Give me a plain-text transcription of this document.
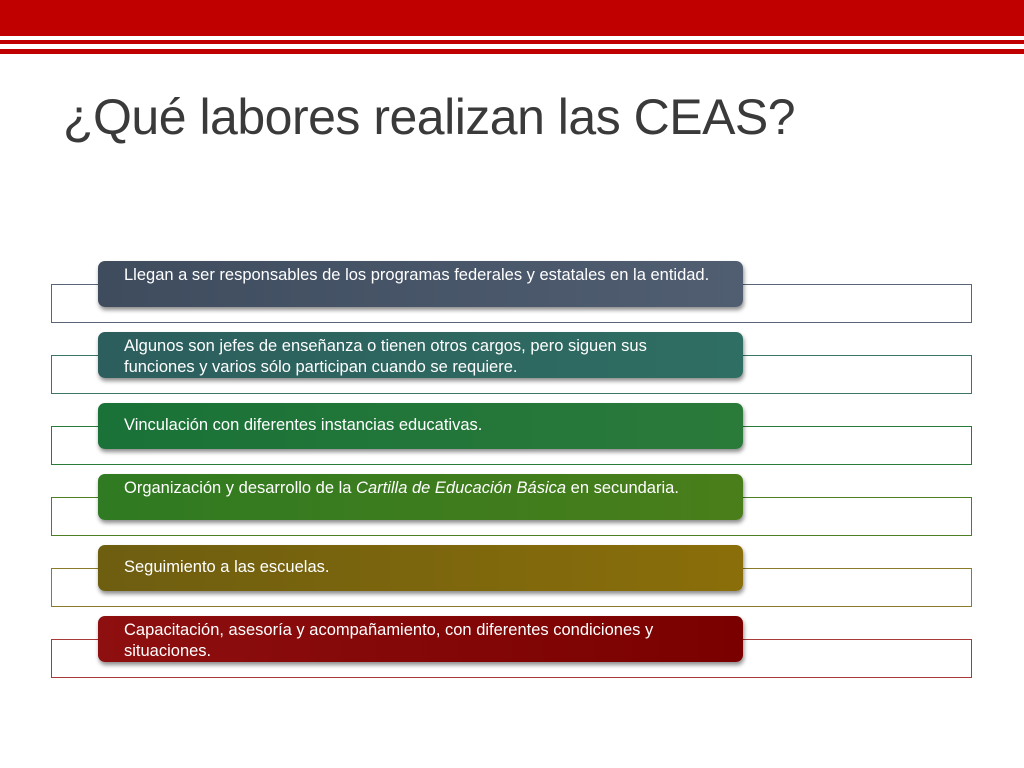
¿Qué labores realizan las CEAS?
Llegan a ser responsables de los programas federales y estatales en la entidad.
Algunos son jefes de enseñanza o tienen otros cargos, pero siguen sus funciones y varios sólo participan cuando se requiere.
Vinculación con diferentes instancias educativas.
Organización y desarrollo de la Cartilla de Educación Básica en secundaria.
Seguimiento a las escuelas.
Capacitación, asesoría y acompañamiento, con diferentes condiciones y situaciones.
